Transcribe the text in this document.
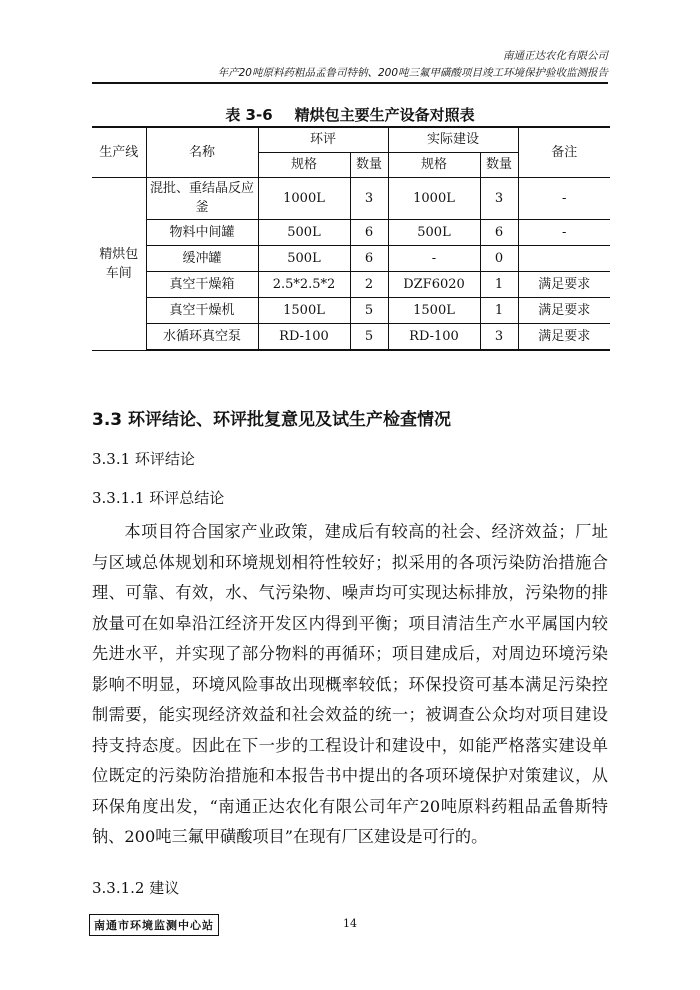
南通正达农化有限公司
年产20吨原料药粗品孟鲁司特钠、200吨三氟甲磺酸项目竣工环境保护验收监测报告
表 3-6 精烘包主要生产设备对照表
生产线	名称	环评		实际建设		备注
		规格	数量	规格	数量	
精烘包车间	混批、重结晶反应釜	1000L	3	1000L	3	-
	物料中间罐	500L	6	500L	6	-
	缓冲罐	500L	6	-	0	
	真空干燥箱	2.5*2.5*2	2	DZF6020	1	满足要求
	真空干燥机	1500L	5	1500L	1	满足要求
	水循环真空泵	RD-100	5	RD-100	3	满足要求
3.3 环评结论、环评批复意见及试生产检查情况
3.3.1 环评结论
3.3.1.1 环评总结论

本项目符合国家产业政策，建成后有较高的社会、经济效益；厂址与区域总体规划和环境规划相符性较好；拟采用的各项污染防治措施合理、可靠、有效，水、气污染物、噪声均可实现达标排放，污染物的排放量可在如皋沿江经济开发区内得到平衡；项目清洁生产水平属国内较先进水平，并实现了部分物料的再循环；项目建成后，对周边环境污染影响不明显，环境风险事故出现概率较低；环保投资可基本满足污染控制需要，能实现经济效益和社会效益的统一；被调查公众均对项目建设持支持态度。因此在下一步的工程设计和建设中，如能严格落实建设单位既定的污染防治措施和本报告书中提出的各项环境保护对策建议，从环保角度出发，“南通正达农化有限公司年产20吨原料药粗品孟鲁斯特钠、200吨三氟甲磺酸项目”在现有厂区建设是可行的。

3.3.1.2 建议
南通市环境监测中心站	14
